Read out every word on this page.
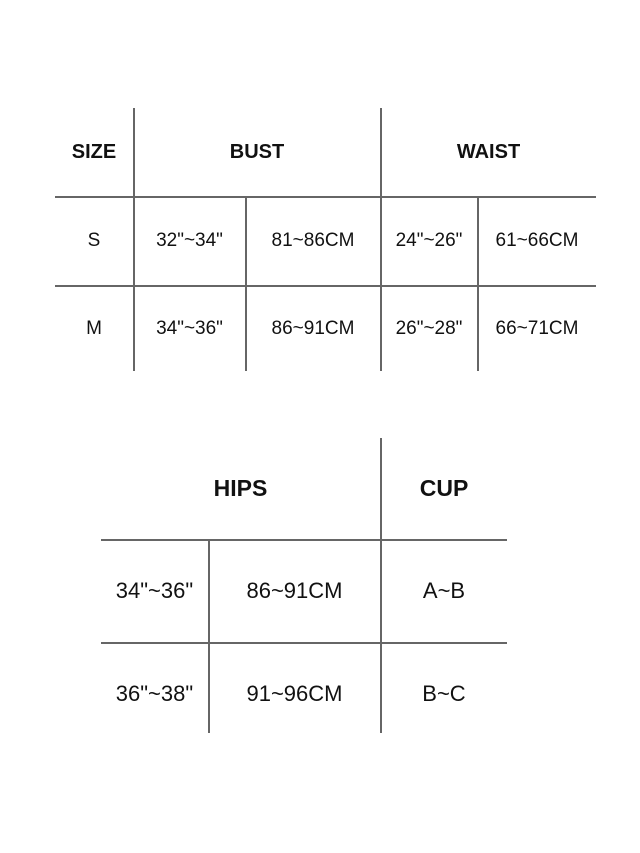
SIZE	BUST	WAIST
S	32"~34"	81~86CM	24"~26"	61~66CM
M	34"~36"	86~91CM	26"~28"	66~71CM
HIPS	CUP
34"~36"	86~91CM	A~B
36"~38"	91~96CM	B~C
